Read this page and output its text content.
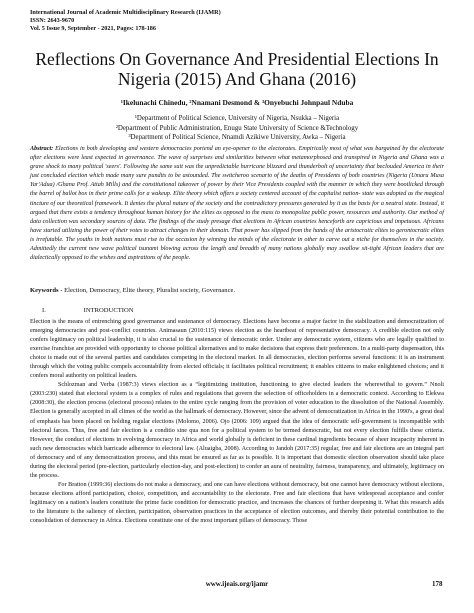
International Journal of Academic Multidisciplinary Research (IJAMR)
ISSN: 2643-9670
Vol. 5 Issue 9, September - 2021, Pages: 178-186
Reflections On Governance And Presidential Elections In Nigeria (2015) And Ghana (2016)
¹Ikelunachi Chinedu, ²Nnamani Desmond & ³Onyebuchi Johnpaul Nduba
¹Department of Political Science, University of Nigeria, Nsukka – Nigeria
²Department of Public Administration, Enugu State University of Science &Technology
³Department of Political Science, Nnamdi Azikiwe University, Awka – Nigeria
Abstract: Elections in both developing and western democracies portend an eye-opener to the electorates. Empirically most of what was bargained by the electorate after elections were least expected in governance. The wave of surprises and similarities between what metamorphosed and transpired in Nigeria and Ghana was a grave shock to many political 'seers'. Following the same suit was the unpredictable hurricane blizzard and thunderbolt of uncertainty that beclouded America in their just concluded election which made many sure pundits to be astounded. The switcheroo scenario of the deaths of Presidents of both countries (Nigeria (Umaru Musa Yar'Adua) /Ghana Prof. Attah Mills) and the constitutional takeover of power by their Vice Presidents coupled with the manner in which they were bootlicked through the barrel of ballot box in their prime calls for a wakeup. Elite theory which offers a society centered account of the capitalist nation- state was adopted as the magical tincture of our theoretical framework. It denies the plural nature of the society and the contradictory pressures generated by it as the basis for a neutral state. Instead, it argued that there exists a tendency throughout human history for the elites as opposed to the mass to monopolize public power, resources and authority. Our method of data collection was secondary sources of data. The findings of the study presage that elections in African countries henceforth are capricious and impetuous. Africans have started utilizing the power of their votes to attract changes in their domain. That power has slipped from the hands of the aristocratic elites to gerontocratic elites is irrefutable. The youths in both nations must rise to the occasion by winning the minds of the electorate in other to carve out a niche for themselves in the society. Admittedly the current new wave political tsunami blowing across the length and breadth of many nations globally may swallow sit-tight African leaders that are dialectically opposed to the wishes and aspirations of the people.
Keywords - Election, Democracy, Elite theory, Pluralist society, Governance.
I.	INTRODUCTION

Election is the means of entrenching good governance and sustenance of democracy. Elections have become a major factor in the stabilization and democratization of emerging democracies and post-conflict countries. Animasaun (2010:115) views election as the heartbeat of representative democracy. A credible election not only confers legitimacy on political leadership, it is also crucial to the sustenance of democratic order. Under any democratic system, citizens who are legally qualified to exercise franchise are provided with opportunity to choose political alternatives and to make decisions that express their preferences. In a multi-party dispensation, this choice is made out of the several parties and candidates competing in the electoral market. In all democracies, election performs several functions: it is an instrument through which the voting public compels accountability from elected officials; it facilitates political recruitment; it enables citizens to make enlightened choices; and it confers moral authority on political leaders.

Schlozman and Verba (1987:3) views election as a “legitimizing institution, functioning to give elected leaders the wherewithal to govern.” Nnoli (2003:230) stated that electoral system is a complex of rules and regulations that govern the selection of officeholders in a democratic context. According to Elekwa (2008:30), the election process (electoral process) relates to the entire cycle ranging from the provision of voter education to the dissolution of the National Assembly. Election is generally accepted in all climes of the world as the hallmark of democracy. However, since the advent of democratization in Africa in the 1990's, a great deal of emphasis has been placed on holding regular elections (Molomo, 2006). Ojo (2006: 109) argued that the idea of democratic self-government is incompatible with electoral farces. Thus, free and fair election is a conditio sine qua non for a political system to be termed democratic, but not every election fulfills these criteria. However, the conduct of elections in evolving democracy in Africa and world globally is deficient in these cardinal ingredients because of sheer incapacity inherent in such new democracies which barricade adherence to electoral law. (Aluaigba, 2008). According to Jandoh (2017:35) regular, free and fair elections are an integral part of democracy and of any democratization process, and this must be ensured as far as is possible. It is important that domestic election observation should take place during the electoral period (pre-election, particularly election-day, and post-election) to confer an aura of neutrality, fairness, transparency, and ultimately, legitimacy on the process.

For Bratton (1999:36) elections do not make a democracy, and one can have elections without democracy, but one cannot have democracy without elections, because elections afford participation, choice, competition, and accountability to the electorate. Free and fair elections that have widespread acceptance and confer legitimacy on a nation's leaders constitute the prime facie condition for democratic practice, and increases the chances of further deepening it. What this research adds to the literature is the saliency of election, participation, observation practices in the acceptance of election outcomes, and thereby their potential contribution to the consolidation of democracy in Africa. Elections constitute one of the most important pillars of democracy. Those

www.ijeais.org/ijamr	178
